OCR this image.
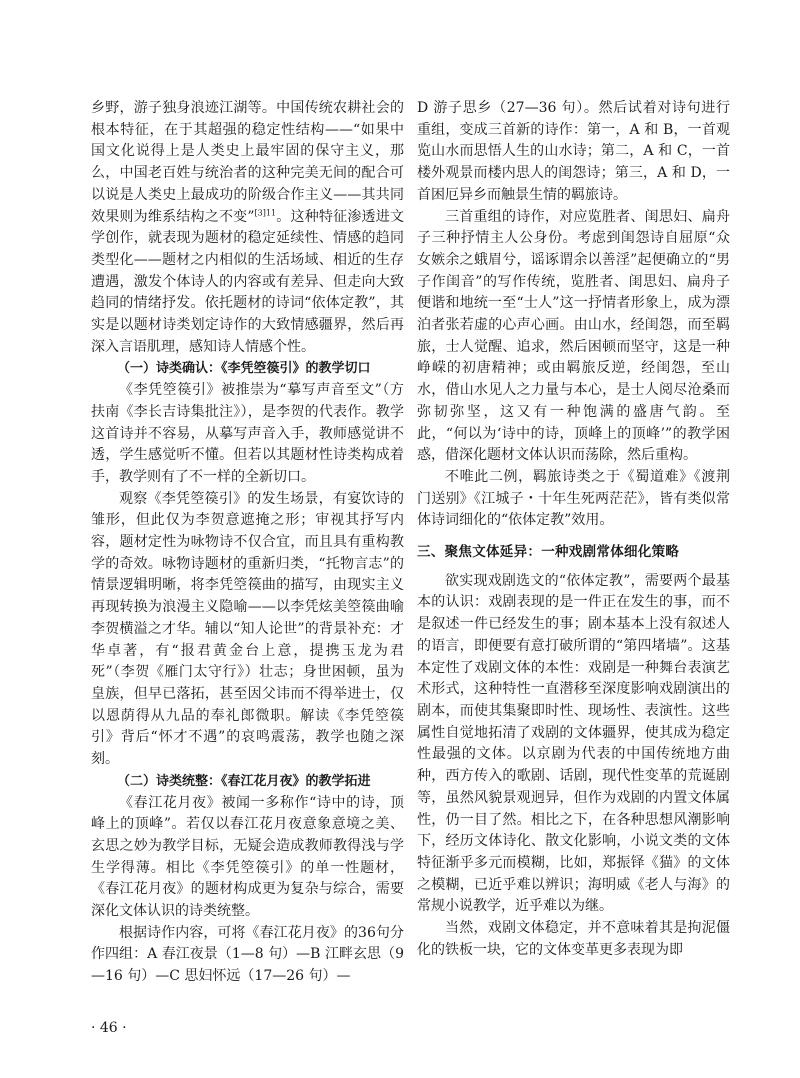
乡野，游子独身浪迹江湖等。中国传统农耕社会的根本特征，在于其超强的稳定性结构——“如果中国文化说得上是人类史上最牢固的保守主义，那么，中国老百姓与统治者的这种完美无间的配合可以说是人类史上最成功的阶级合作主义——其共同效果则为维系结构之不变”$^{[3]11}$。这种特征渗透进文学创作，就表现为题材的稳定延续性、情感的趋同类型化——题材之内相似的生活场域、相近的生存遭遇，激发个体诗人的内容或有差异、但走向大致趋同的情绪抒发。依托题材的诗词“依体定教”，其实是以题材诗类划定诗作的大致情感疆界，然后再深入言语肌理，感知诗人情感个性。

（一）诗类确认：《李凭箜篌引》的教学切口

《李凭箜篌引》被推崇为“摹写声音至文”（方扶南《李长吉诗集批注》），是李贺的代表作。教学这首诗并不容易，从摹写声音入手，教师感觉讲不透，学生感觉听不懂。但若以其题材性诗类构成着手，教学则有了不一样的全新切口。

观察《李凭箜篌引》的发生场景，有宴饮诗的雏形，但此仅为李贺意遮掩之形；审视其抒写内容，题材定性为咏物诗不仅合宜，而且具有重构教学的奇效。咏物诗题材的重新归类，“托物言志”的情景逻辑明晰，将李凭箜篌曲的描写，由现实主义再现转换为浪漫主义隐喻——以李凭炫美箜篌曲喻李贺横溢之才华。辅以“知人论世”的背景补充：才华卓著，有“报君黄金台上意，提携玉龙为君死”（李贺《雁门太守行》）壮志；身世困顿，虽为皇族，但早已落拓，甚至因父讳而不得举进士，仅以恩荫得从九品的奉礼郎微职。解读《李凭箜篌引》背后“怀才不遇”的哀鸣震荡，教学也随之深刻。

（二）诗类统整：《春江花月夜》的教学拓进

《春江花月夜》被闻一多称作“诗中的诗，顶峰上的顶峰”。若仅以春江花月夜意象意境之美、玄思之妙为教学目标，无疑会造成教师教得浅与学生学得薄。相比《李凭箜篌引》的单一性题材，《春江花月夜》的题材构成更为复杂与综合，需要深化文体认识的诗类统整。

根据诗作内容，可将《春江花月夜》的36句分作四组：A 春江夜景（1—8 句）—B 江畔玄思（9—16 句）—C 思妇怀远（17—26 句）—

D 游子思乡（27—36 句）。然后试着对诗句进行重组，变成三首新的诗作：第一，A 和 B，一首观览山水而思悟人生的山水诗；第二，A 和 C，一首楼外观景而楼内思人的闺怨诗；第三，A 和 D，一首困厄异乡而触景生情的羁旅诗。

三首重组的诗作，对应览胜者、闺思妇、扁舟子三种抒情主人公身份。考虑到闺怨诗自屈原“众女嫉余之蛾眉兮，谣诼谓余以善淫”起便确立的“男子作闺音”的写作传统，览胜者、闺思妇、扁舟子便谐和地统一至“士人”这一抒情者形象上，成为漂泊者张若虚的心声心画。由山水，经闺怨，而至羁旅，士人觉醒、追求，然后困顿而坚守，这是一种峥嵘的初唐精神；或由羁旅反逆，经闺怨，至山水，借山水见人之力量与本心，是士人阅尽沧桑而弥韧弥坚，这又有一种饱满的盛唐气韵。至此，“何以为‘诗中的诗，顶峰上的顶峰’”的教学困惑，借深化题材文体认识而荡除，然后重构。

不唯此二例，羁旅诗类之于《蜀道难》《渡荆门送别》《江城子・十年生死两茫茫》，皆有类似常体诗词细化的“依体定教”效用。

三、聚焦文体延异：一种戏剧常体细化策略

欲实现戏剧选文的“依体定教”，需要两个最基本的认识：戏剧表现的是一件正在发生的事，而不是叙述一件已经发生的事；剧本基本上没有叙述人的语言，即便要有意打破所谓的“第四堵墙”。这基本定性了戏剧文体的本性：戏剧是一种舞台表演艺术形式，这种特性一直潜移至深度影响戏剧演出的剧本，而使其集聚即时性、现场性、表演性。这些属性自觉地拓清了戏剧的文体疆界，使其成为稳定性最强的文体。以京剧为代表的中国传统地方曲种，西方传入的歌剧、话剧，现代性变革的荒诞剧等，虽然风貌景观迥异，但作为戏剧的内置文体属性，仍一目了然。相比之下，在各种思想风潮影响下，经历文体诗化、散文化影响，小说文类的文体特征渐乎多元而模糊，比如，郑振铎《猫》的文体之模糊，已近乎难以辨识；海明威《老人与海》的常规小说教学，近乎难以为继。

当然，戏剧文体稳定，并不意味着其是拘泥僵化的铁板一块，它的文体变革更多表现为即

· 46 ·
